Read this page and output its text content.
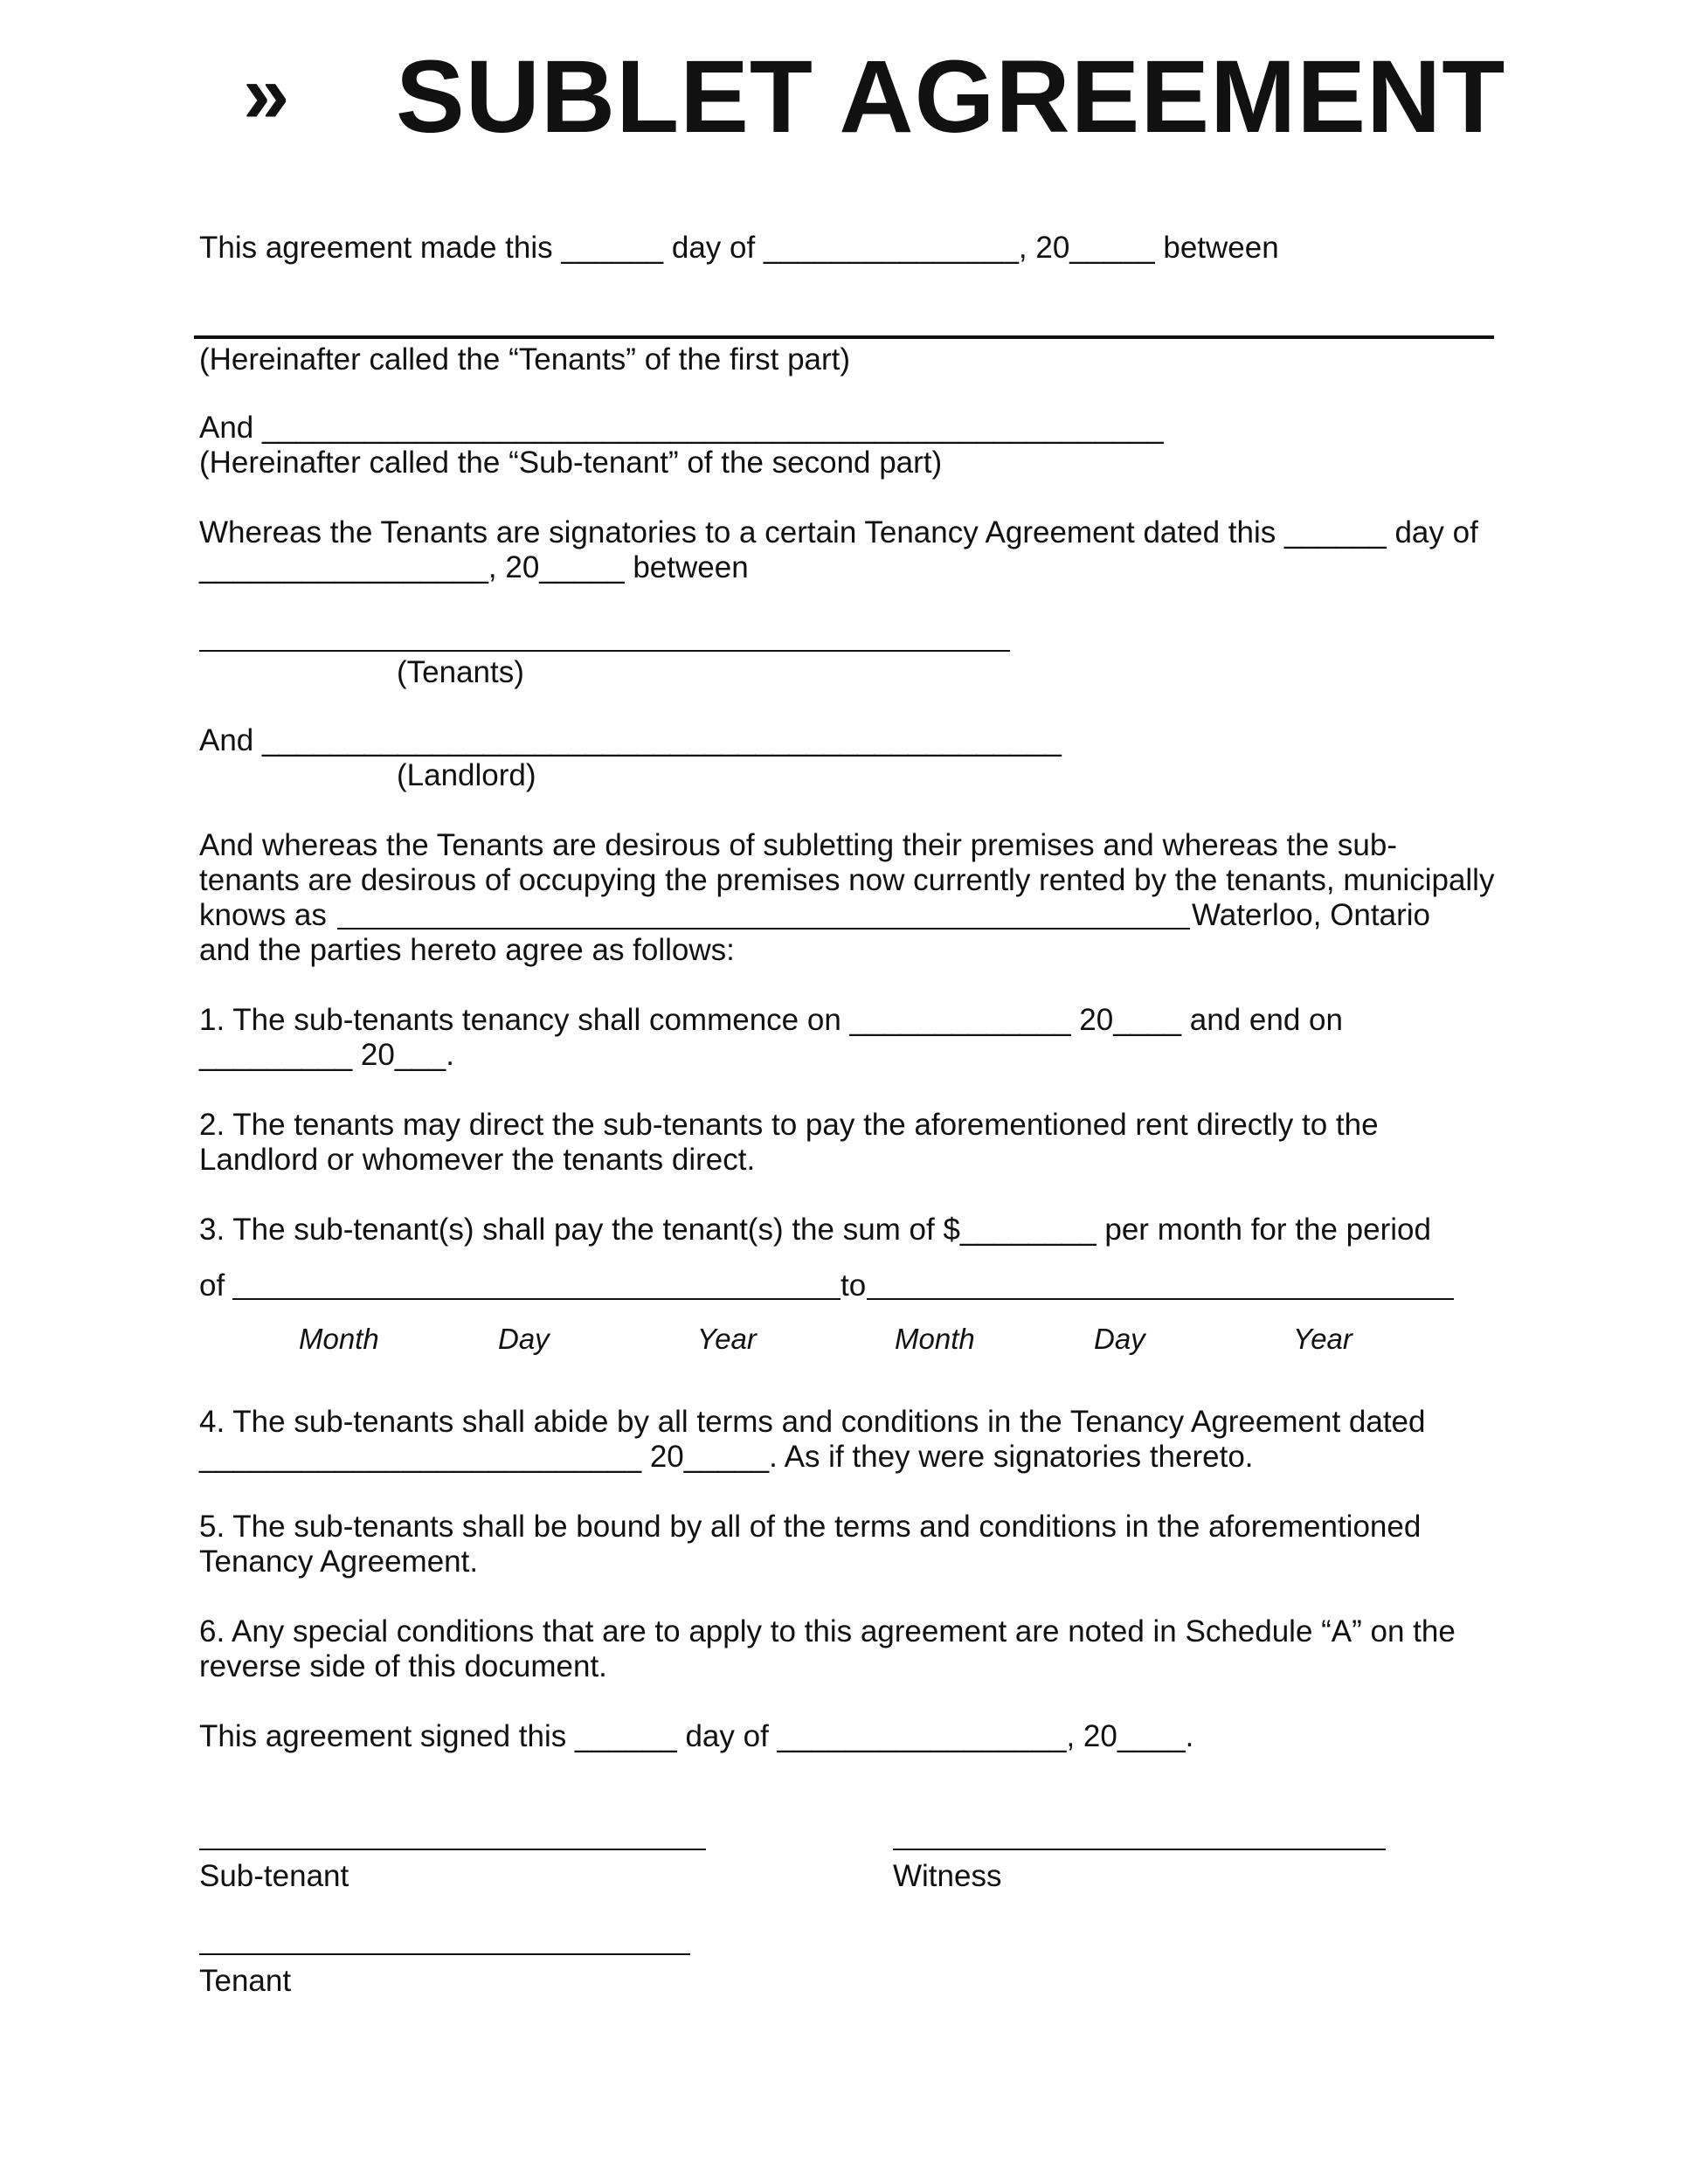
» SUBLET AGREEMENT
This agreement made this ______ day of _______________, 20_____ between
(Hereinafter called the “Tenants” of the first part)
And _____________________________________________________
(Hereinafter called the “Sub-tenant” of the second part)
Whereas the Tenants are signatories to a certain Tenancy Agreement dated this ______ day of
_________________, 20_____ between
(Tenants)
And _______________________________________________
(Landlord)
And whereas the Tenants are desirous of subletting their premises and whereas the sub-
tenants are desirous of occupying the premises now currently rented by the tenants, municipally
knows as	Waterloo, Ontario
and the parties hereto agree as follows:
1. The sub-tenants tenancy shall commence on _____________ 20____ and end on
_________ 20___.
2. The tenants may direct the sub-tenants to pay the aforementioned rent directly to the
Landlord or whomever the tenants direct.
3. The sub-tenant(s) shall pay the tenant(s) the sum of $________ per month for the period
of	to
Month	Day	Year	Month	Day	Year
4. The sub-tenants shall abide by all terms and conditions in the Tenancy Agreement dated
__________________________ 20_____. As if they were signatories thereto.
5. The sub-tenants shall be bound by all of the terms and conditions in the aforementioned
Tenancy Agreement.
6. Any special conditions that are to apply to this agreement are noted in Schedule “A” on the
reverse side of this document.
This agreement signed this ______ day of _________________, 20____.
Sub-tenant	Witness
Tenant
